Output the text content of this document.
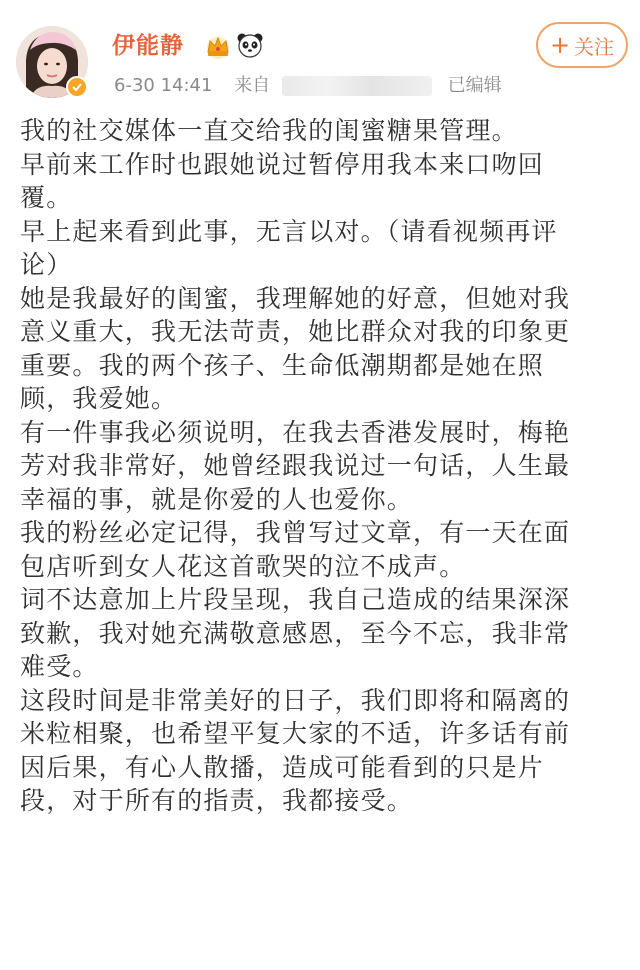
伊能静
6-30 14:41 来自	已编辑
+ 关注

我的社交媒体一直交给我的闺蜜糖果管理。

早前来工作时也跟她说过暂停用我本来口吻回
覆。

早上起来看到此事，无言以对。（请看视频再评
论）

她是我最好的闺蜜，我理解她的好意，但她对我
意义重大，我无法苛责，她比群众对我的印象更
重要。我的两个孩子、生命低潮期都是她在照
顾，我爱她。

有一件事我必须说明，在我去香港发展时，梅艳
芳对我非常好，她曾经跟我说过一句话，人生最
幸福的事，就是你爱的人也爱你。

我的粉丝必定记得，我曾写过文章，有一天在面
包店听到女人花这首歌哭的泣不成声。

词不达意加上片段呈现，我自己造成的结果深深
致歉，我对她充满敬意感恩，至今不忘，我非常
难受。

这段时间是非常美好的日子，我们即将和隔离的
米粒相聚，也希望平复大家的不适，许多话有前
因后果，有心人散播，造成可能看到的只是片
段，对于所有的指责，我都接受。
